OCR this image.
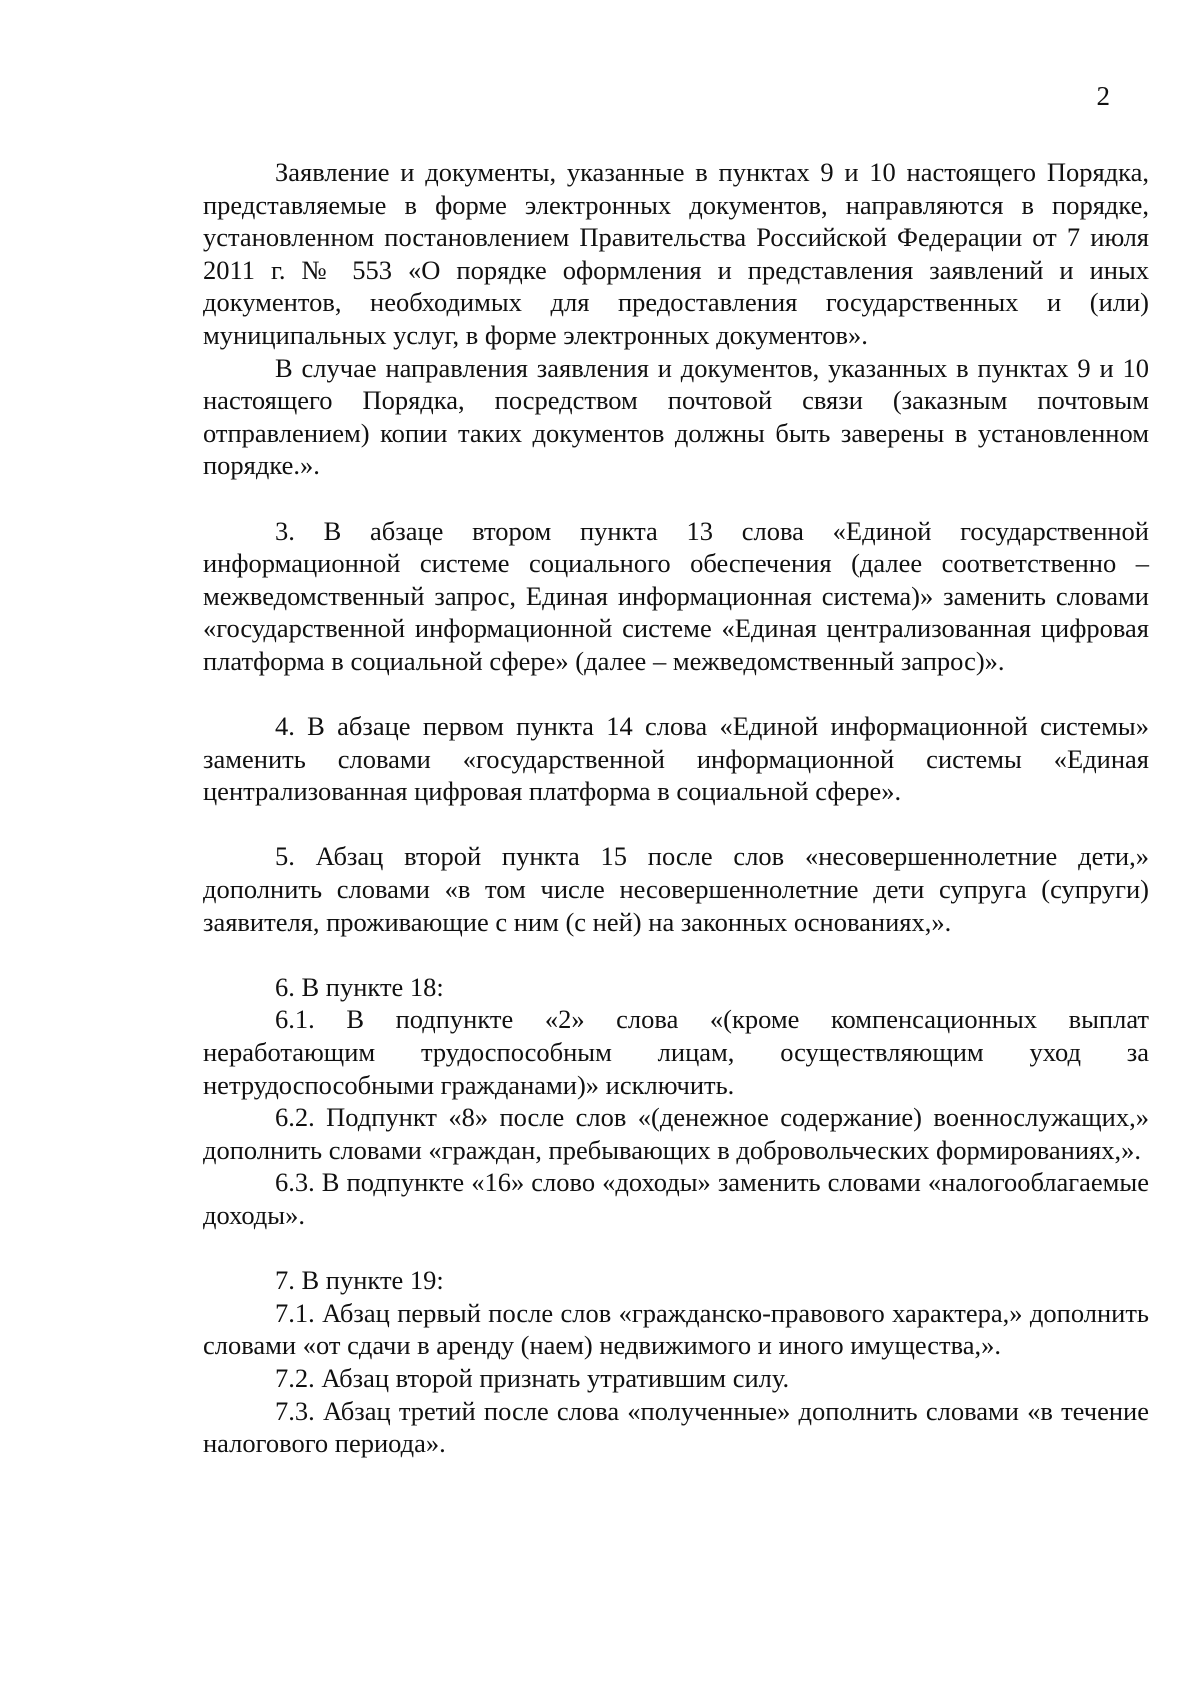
2

Заявление и документы, указанные в пунктах 9 и 10 настоящего Порядка, представляемые в форме электронных документов, направляются в порядке, установленном постановлением Правительства Российской Федерации от 7 июля 2011 г. № 553 «О порядке оформления и представления заявлений и иных документов, необходимых для предоставления государственных и (или) муниципальных услуг, в форме электронных документов».

В случае направления заявления и документов, указанных в пунктах 9 и 10 настоящего Порядка, посредством почтовой связи (заказным почтовым отправлением) копии таких документов должны быть заверены в установленном порядке.».

3. В абзаце втором пункта 13 слова «Единой государственной информационной системе социального обеспечения (далее соответственно – межведомственный запрос, Единая информационная система)» заменить словами «государственной информационной системе «Единая централизованная цифровая платформа в социальной сфере» (далее – межведомственный запрос)».

4. В абзаце первом пункта 14 слова «Единой информационной системы» заменить словами «государственной информационной системы «Единая централизованная цифровая платформа в социальной сфере».

5. Абзац второй пункта 15 после слов «несовершеннолетние дети,» дополнить словами «в том числе несовершеннолетние дети супруга (супруги) заявителя, проживающие с ним (с ней) на законных основаниях,».

6. В пункте 18:

6.1. В подпункте «2» слова «(кроме компенсационных выплат неработающим трудоспособным лицам, осуществляющим уход за нетрудоспособными гражданами)» исключить.

6.2. Подпункт «8» после слов «(денежное содержание) военнослужащих,» дополнить словами «граждан, пребывающих в добровольческих формированиях,».

6.3. В подпункте «16» слово «доходы» заменить словами «налогооблагаемые доходы».

7. В пункте 19:

7.1. Абзац первый после слов «гражданско-правового характера,» дополнить словами «от сдачи в аренду (наем) недвижимого и иного имущества,».

7.2. Абзац второй признать утратившим силу.

7.3. Абзац третий после слова «полученные» дополнить словами «в течение налогового периода».
